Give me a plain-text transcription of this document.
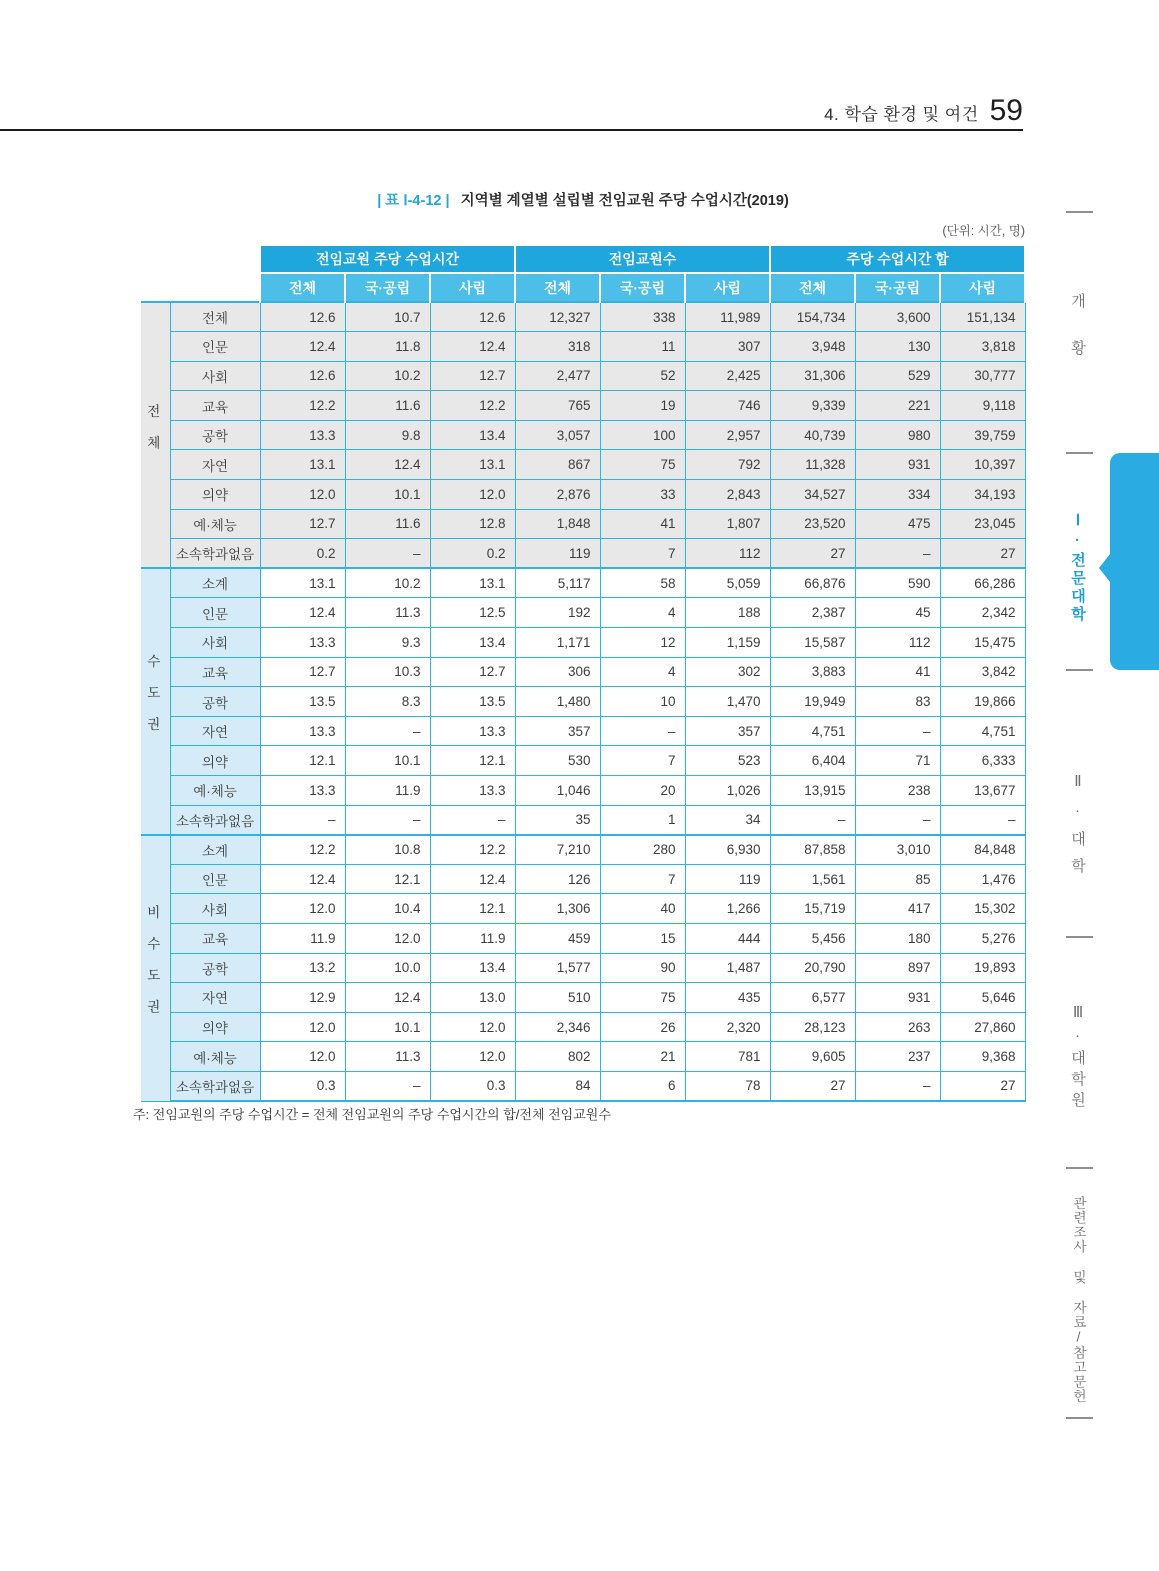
4. 학습 환경 및 여건 59
| 표 Ⅰ-4-12 | 지역별 계열별 설립별 전임교원 주당 수업시간(2019)
(단위: 시간, 명)
		전임교원 주당 수업시간			전임교원수			주당 수업시간 합		
		전체	국·공립	사립	전체	국·공립	사립	전체	국·공립	사립
전체	전체	12.6	10.7	12.6	12,327	338	11,989	154,734	3,600	151,134
	인문	12.4	11.8	12.4	318	11	307	3,948	130	3,818
	사회	12.6	10.2	12.7	2,477	52	2,425	31,306	529	30,777
	교육	12.2	11.6	12.2	765	19	746	9,339	221	9,118
	공학	13.3	9.8	13.4	3,057	100	2,957	40,739	980	39,759
	자연	13.1	12.4	13.1	867	75	792	11,328	931	10,397
	의약	12.0	10.1	12.0	2,876	33	2,843	34,527	334	34,193
	예·체능	12.7	11.6	12.8	1,848	41	1,807	23,520	475	23,045
	소속학과없음	0.2	–	0.2	119	7	112	27	–	27
수도권	소계	13.1	10.2	13.1	5,117	58	5,059	66,876	590	66,286
	인문	12.4	11.3	12.5	192	4	188	2,387	45	2,342
	사회	13.3	9.3	13.4	1,171	12	1,159	15,587	112	15,475
	교육	12.7	10.3	12.7	306	4	302	3,883	41	3,842
	공학	13.5	8.3	13.5	1,480	10	1,470	19,949	83	19,866
	자연	13.3	–	13.3	357	–	357	4,751	–	4,751
	의약	12.1	10.1	12.1	530	7	523	6,404	71	6,333
	예·체능	13.3	11.9	13.3	1,046	20	1,026	13,915	238	13,677
	소속학과없음	–	–	–	35	1	34	–	–	–
비수도권	소계	12.2	10.8	12.2	7,210	280	6,930	87,858	3,010	84,848
	인문	12.4	12.1	12.4	126	7	119	1,561	85	1,476
	사회	12.0	10.4	12.1	1,306	40	1,266	15,719	417	15,302
	교육	11.9	12.0	11.9	459	15	444	5,456	180	5,276
	공학	13.2	10.0	13.4	1,577	90	1,487	20,790	897	19,893
	자연	12.9	12.4	13.0	510	75	435	6,577	931	5,646
	의약	12.0	10.1	12.0	2,346	26	2,320	28,123	263	27,860
	예·체능	12.0	11.3	12.0	802	21	781	9,605	237	9,368
	소속학과없음	0.3	–	0.3	84	6	78	27	–	27
주: 전임교원의 주당 수업시간 = 전체 전임교원의 주당 수업시간의 합/전체 전임교원수
개황
Ⅰ·전문대학
Ⅱ·대학
Ⅲ·대학원
관련조사 및 자료/참고문헌
